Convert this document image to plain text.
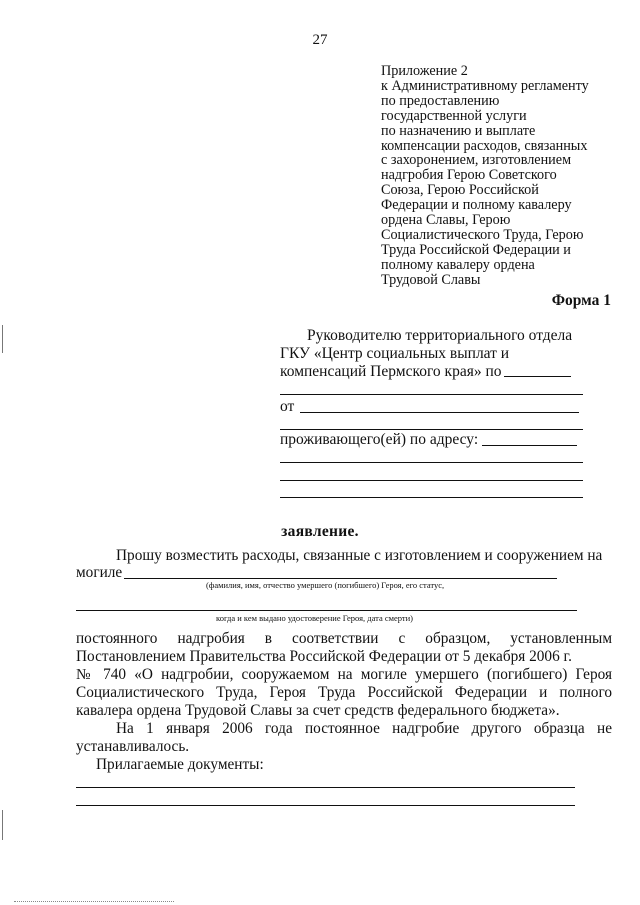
27
Приложение 2
к Административному регламенту
по предоставлению
государственной услуги
по назначению и выплате
компенсации расходов, связанных
с захоронением, изготовлением
надгробия Герою Советского
Союза, Герою Российской
Федерации и полному кавалеру
ордена Славы, Герою
Социалистического Труда, Герою
Труда Российской Федерации и
полному кавалеру ордена
Трудовой Славы
Форма 1
Руководителю территориального отдела
ГКУ «Центр социальных выплат и
компенсаций Пермского края» по
от
проживающего(ей) по адресу:
заявление.
Прошу возместить расходы, связанные с изготовлением и сооружением на
могиле
(фамилия, имя, отчество умершего (погибшего) Героя, его статус,
когда и кем выдано удостоверение Героя, дата смерти)
постоянного надгробия в соответствии с образцом, установленным
Постановлением Правительства Российской Федерации от 5 декабря 2006 г.
№ 740 «О надгробии, сооружаемом на могиле умершего (погибшего) Героя
Социалистического Труда, Героя Труда Российской Федерации и полного
кавалера ордена Трудовой Славы за счет средств федерального бюджета».
На 1 января 2006 года постоянное надгробие другого образца не
устанавливалось.
Прилагаемые документы:
